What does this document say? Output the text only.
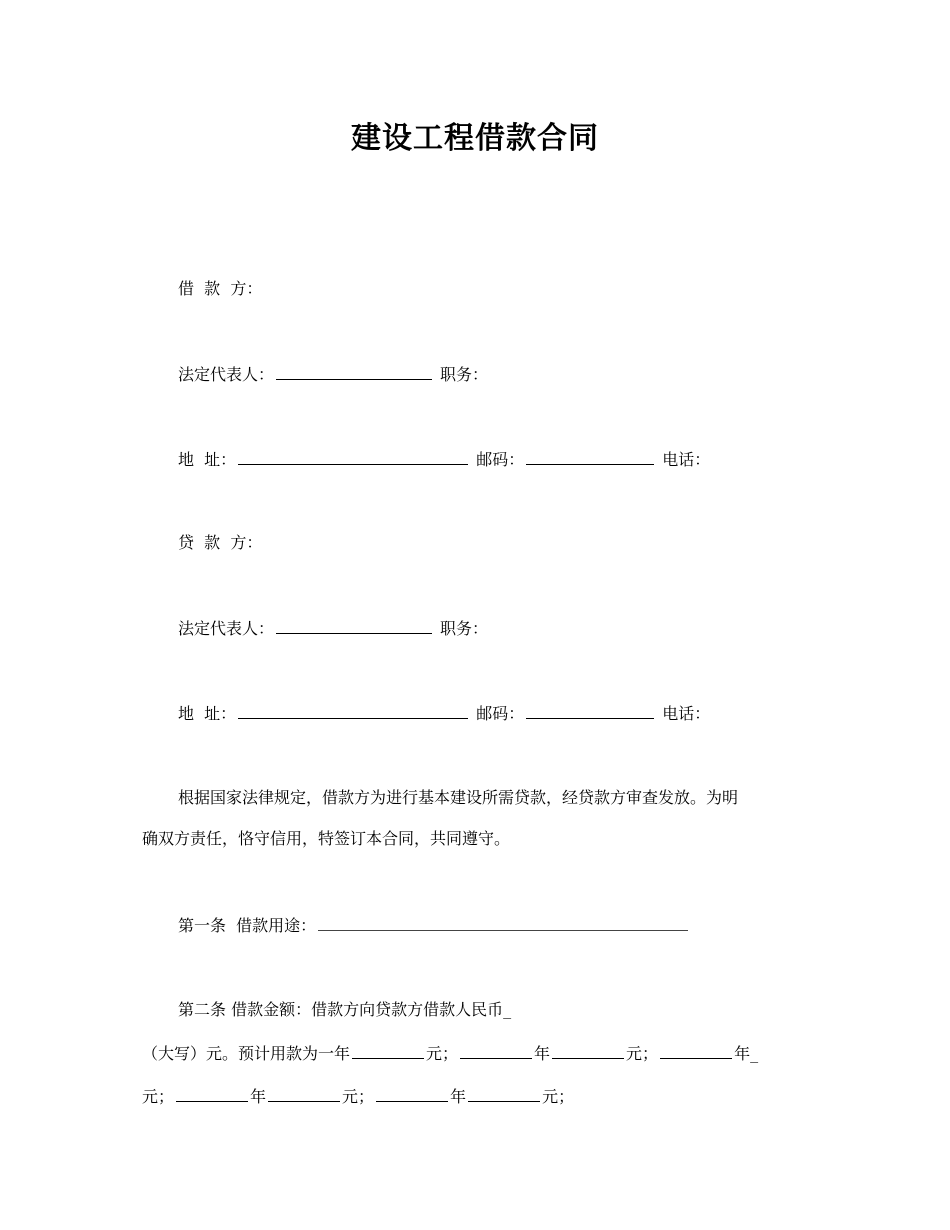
建设工程借款合同
借  款  方：
法定代表人：	职务：
地  址：	邮码：	电话：
贷  款  方：
法定代表人：	职务：
地  址：	邮码：	电话：
根据国家法律规定，借款方为进行基本建设所需贷款，经贷款方审查发放。为明
确双方责任，恪守信用，特签订本合同，共同遵守。
第一条  借款用途：
第二条 借款金额：借款方向贷款方借款人民币_
（大写）元。预计用款为一年	元；	年	元；	年_
元；	年	元；	年	元；
